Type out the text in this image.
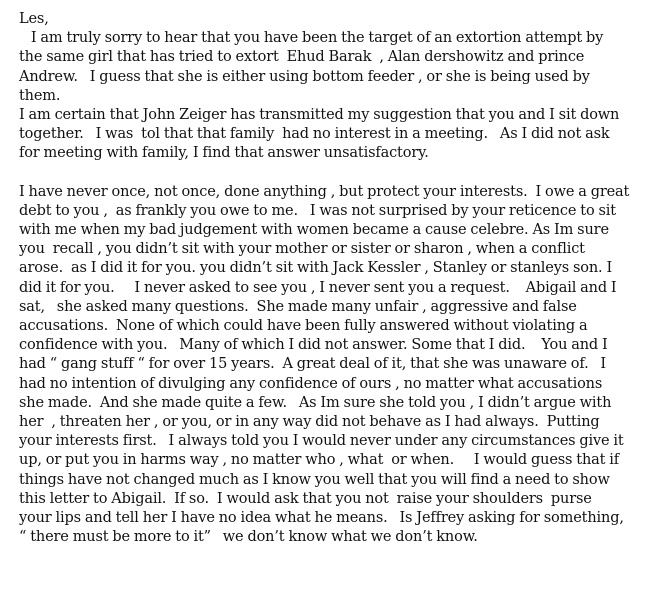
Les,
I am truly sorry to hear that you have been the target of an extortion attempt by
the same girl that has tried to extort  Ehud Barak  , Alan dershowitz and prince
Andrew.   I guess that she is either using bottom feeder , or she is being used by
them.
I am certain that John Zeiger has transmitted my suggestion that you and I sit down
together.   I was  tol that that family  had no interest in a meeting.   As I did not ask
for meeting with family, I find that answer unsatisfactory.
I have never once, not once, done anything , but protect your interests.  I owe a great
debt to you ,  as frankly you owe to me.   I was not surprised by your reticence to sit
with me when my bad judgement with women became a cause celebre. As Im sure
you  recall , you didn’t sit with your mother or sister or sharon , when a conflict
arose.  as I did it for you. you didn’t sit with Jack Kessler , Stanley or stanleys son. I
did it for you.     I never asked to see you , I never sent you a request.    Abigail and I
sat,   she asked many questions.  She made many unfair , aggressive and false
accusations.  None of which could have been fully answered without violating a
confidence with you.   Many of which I did not answer. Some that I did.    You and I
had “ gang stuff “ for over 15 years.  A great deal of it, that she was unaware of.   I
had no intention of divulging any confidence of ours , no matter what accusations
she made.  And she made quite a few.   As Im sure she told you , I didn’t argue with
her  , threaten her , or you, or in any way did not behave as I had always.  Putting
your interests first.   I always told you I would never under any circumstances give it
up, or put you in harms way , no matter who , what  or when.     I would guess that if
things have not changed much as I know you well that you will find a need to show
this letter to Abigail.  If so.  I would ask that you not  raise your shoulders  purse
your lips and tell her I have no idea what he means.   Is Jeffrey asking for something,
“ there must be more to it”   we don’t know what we don’t know.
